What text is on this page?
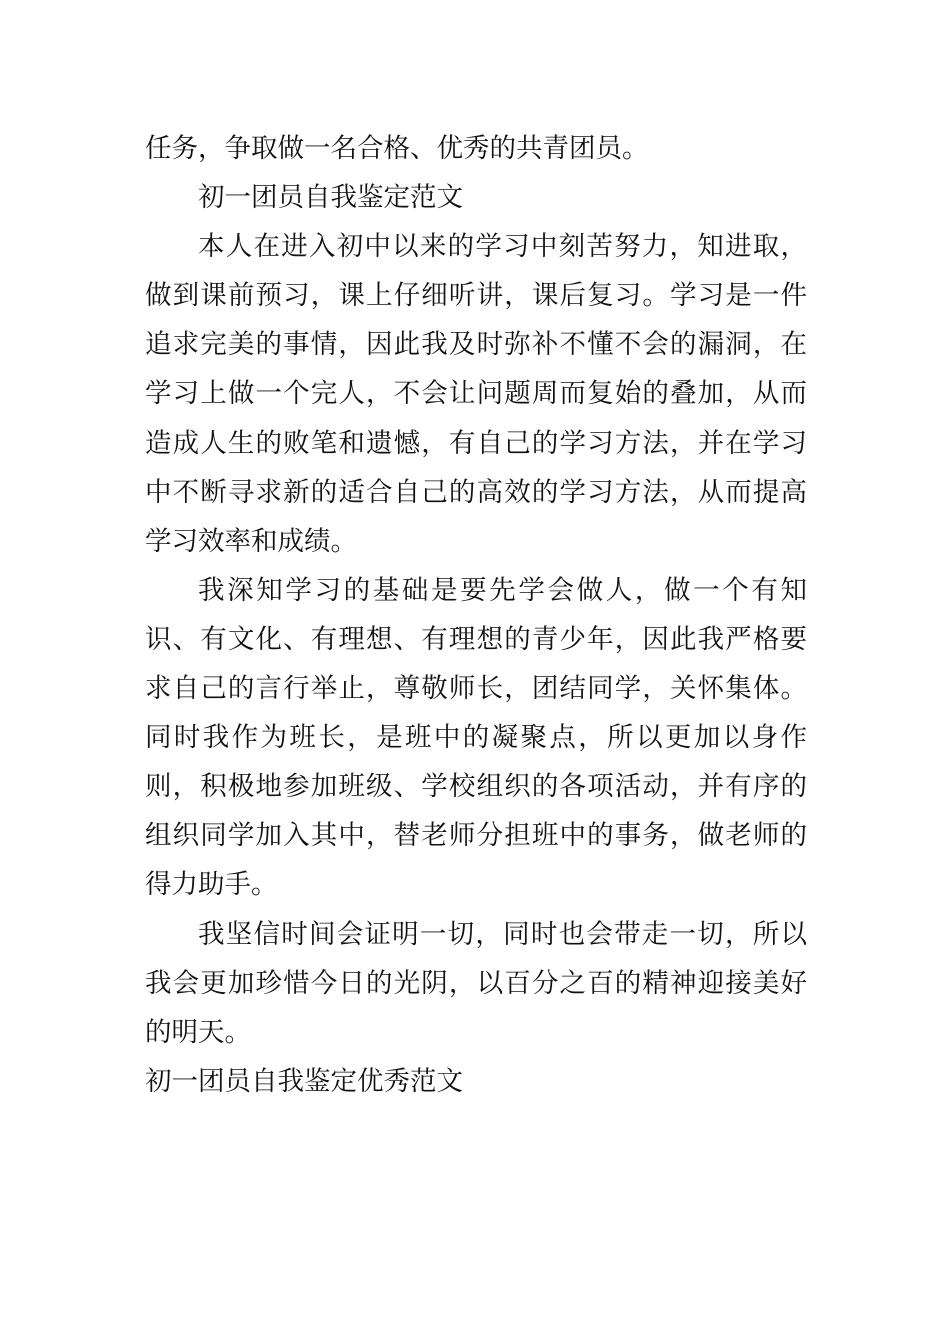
任务，争取做一名合格、优秀的共青团员。

初一团员自我鉴定范文

本人在进入初中以来的学习中刻苦努力，知进取，做到课前预习，课上仔细听讲，课后复习。学习是一件追求完美的事情，因此我及时弥补不懂不会的漏洞，在学习上做一个完人，不会让问题周而复始的叠加，从而造成人生的败笔和遗憾，有自己的学习方法，并在学习中不断寻求新的适合自己的高效的学习方法，从而提高学习效率和成绩。

我深知学习的基础是要先学会做人，做一个有知识、有文化、有理想、有理想的青少年，因此我严格要求自己的言行举止，尊敬师长，团结同学，关怀集体。同时我作为班长，是班中的凝聚点，所以更加以身作则，积极地参加班级、学校组织的各项活动，并有序的组织同学加入其中，替老师分担班中的事务，做老师的得力助手。

我坚信时间会证明一切，同时也会带走一切，所以我会更加珍惜今日的光阴，以百分之百的精神迎接美好的明天。

初一团员自我鉴定优秀范文
